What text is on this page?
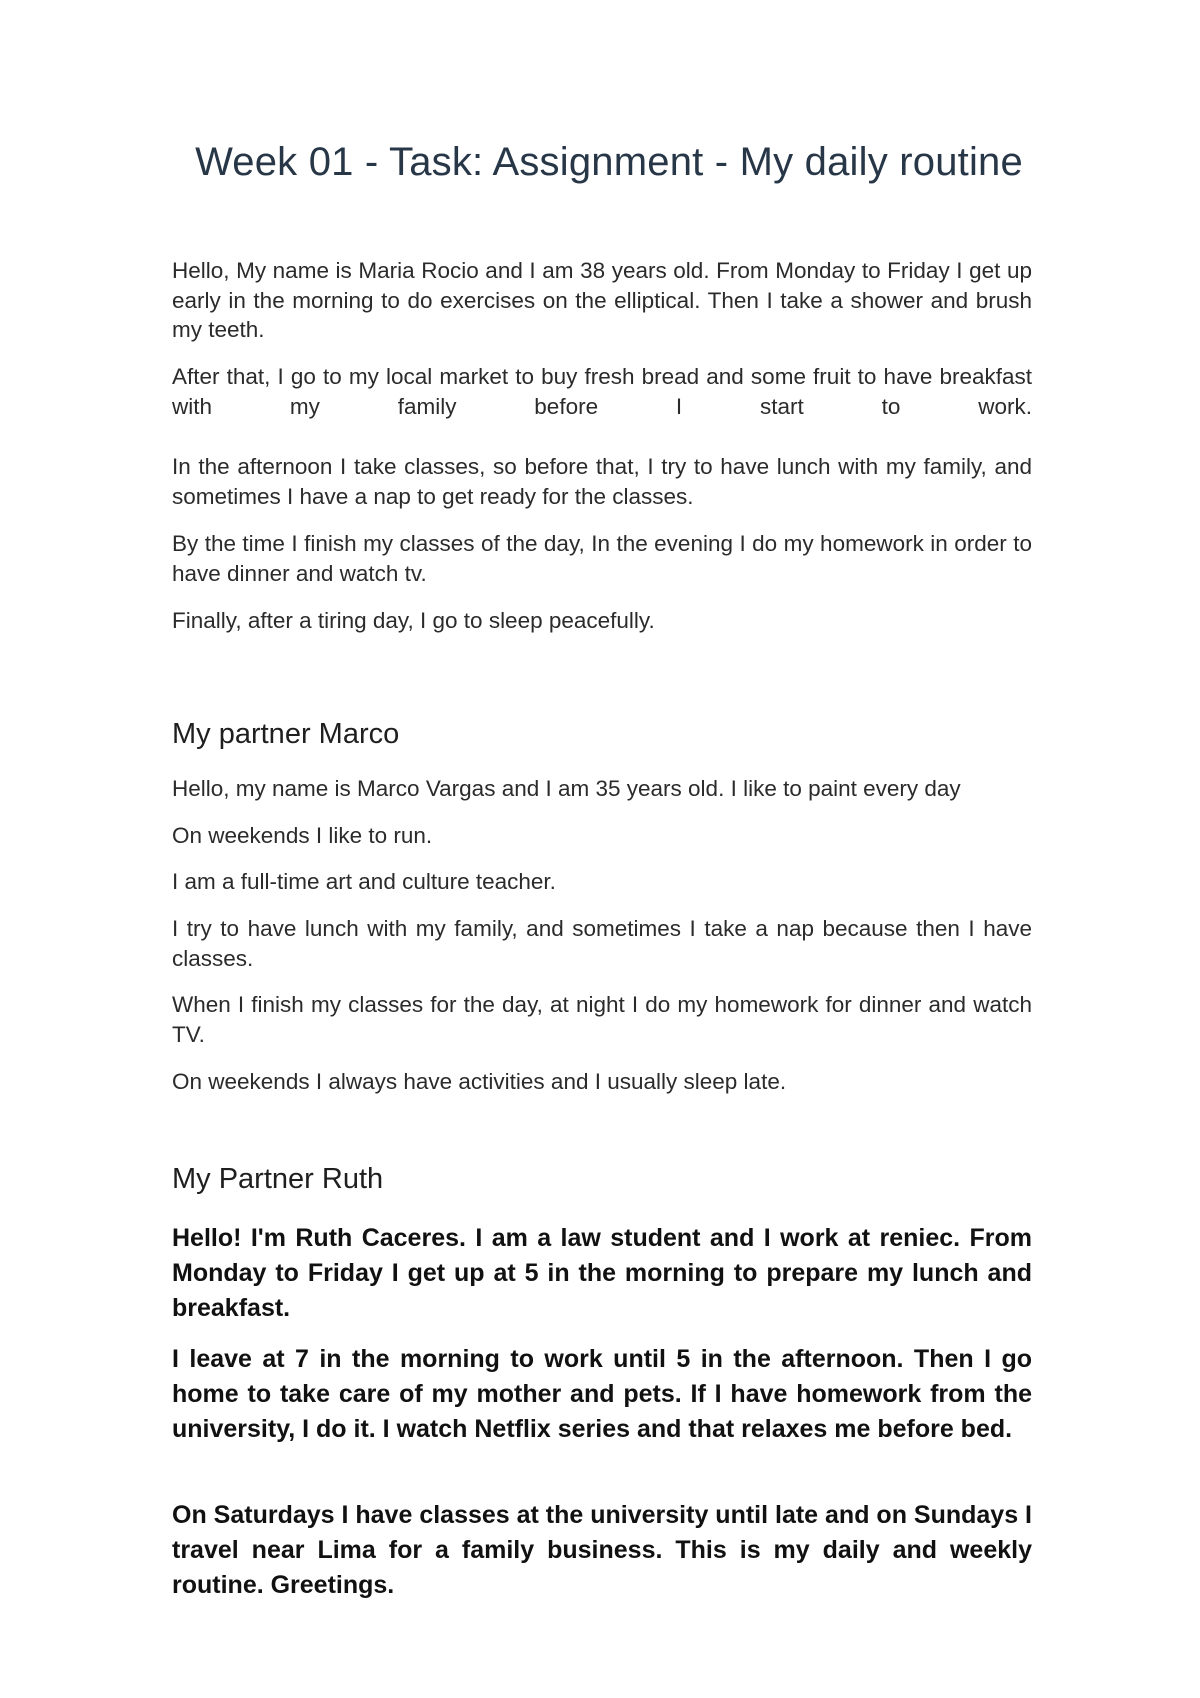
Week 01 - Task: Assignment - My daily routine

Hello, My name is Maria Rocio and I am 38 years old. From Monday to Friday I get up early in the morning to do exercises on the elliptical. Then I take a shower and brush my teeth.

After that, I go to my local market to buy fresh bread and some fruit to have breakfast with my family before I start to work.

In the afternoon I take classes, so before that, I try to have lunch with my family, and sometimes I have a nap to get ready for the classes.

By the time I finish my classes of the day, In the evening I do my homework in order to have dinner and watch tv.

Finally, after a tiring day, I go to sleep peacefully.

My partner Marco

Hello, my name is Marco Vargas and I am 35 years old. I like to paint every day

On weekends I like to run.

I am a full-time art and culture teacher.

I try to have lunch with my family, and sometimes I take a nap because then I have classes.

When I finish my classes for the day, at night I do my homework for dinner and watch TV.

On weekends I always have activities and I usually sleep late.

My Partner Ruth

Hello! I'm Ruth Caceres. I am a law student and I work at reniec. From Monday to Friday I get up at 5 in the morning to prepare my lunch and breakfast.

I leave at 7 in the morning to work until 5 in the afternoon. Then I go home to take care of my mother and pets. If I have homework from the university, I do it. I watch Netflix series and that relaxes me before bed.

On Saturdays I have classes at the university until late and on Sundays I travel near Lima for a family business. This is my daily and weekly routine. Greetings.
